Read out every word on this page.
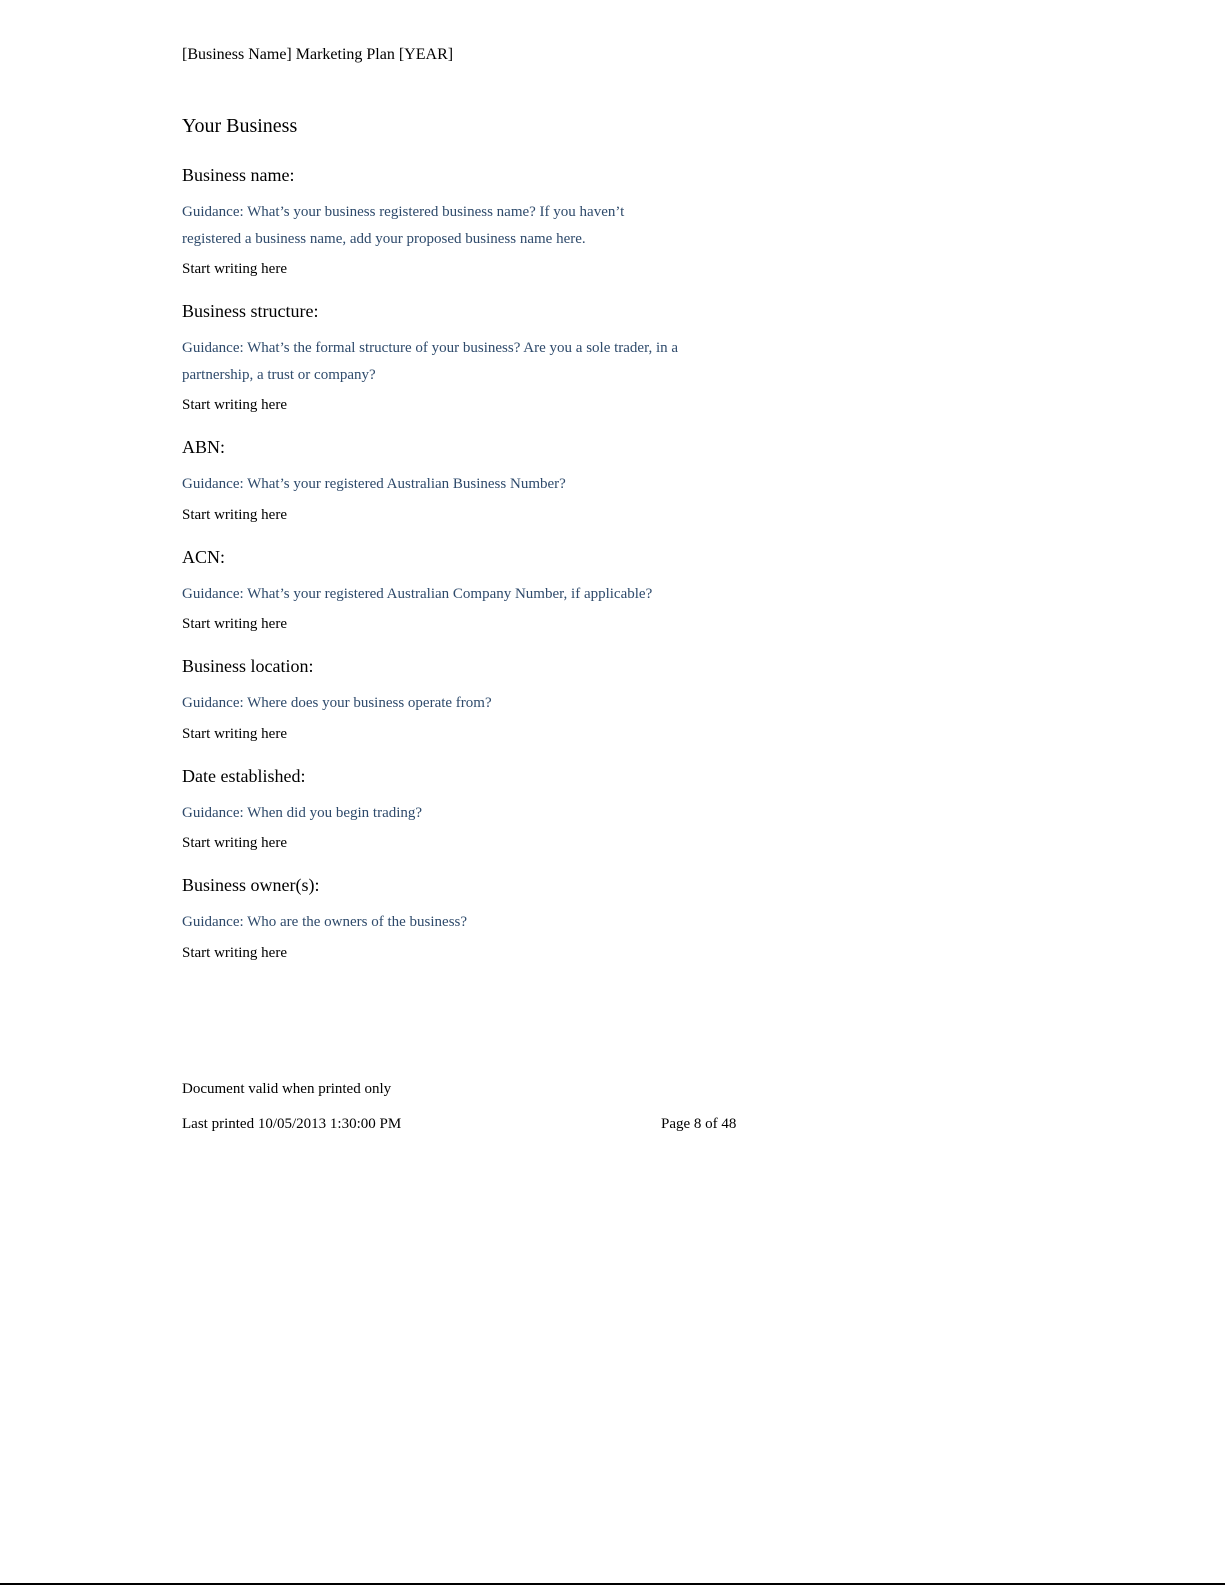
[Business Name] Marketing Plan [YEAR]
Your Business
Business name:
Guidance: What’s your business registered business name? If you haven’t registered a business name, add your proposed business name here.
Start writing here
Business structure:
Guidance: What’s the formal structure of your business? Are you a sole trader, in a partnership, a trust or company?
Start writing here
ABN:
Guidance: What’s your registered Australian Business Number?
Start writing here
ACN:
Guidance: What’s your registered Australian Company Number, if applicable?
Start writing here
Business location:
Guidance: Where does your business operate from?
Start writing here
Date established:
Guidance: When did you begin trading?
Start writing here
Business owner(s):
Guidance: Who are the owners of the business?
Start writing here
Document valid when printed only
Last printed 10/05/2013 1:30:00 PM	Page 8 of 48
